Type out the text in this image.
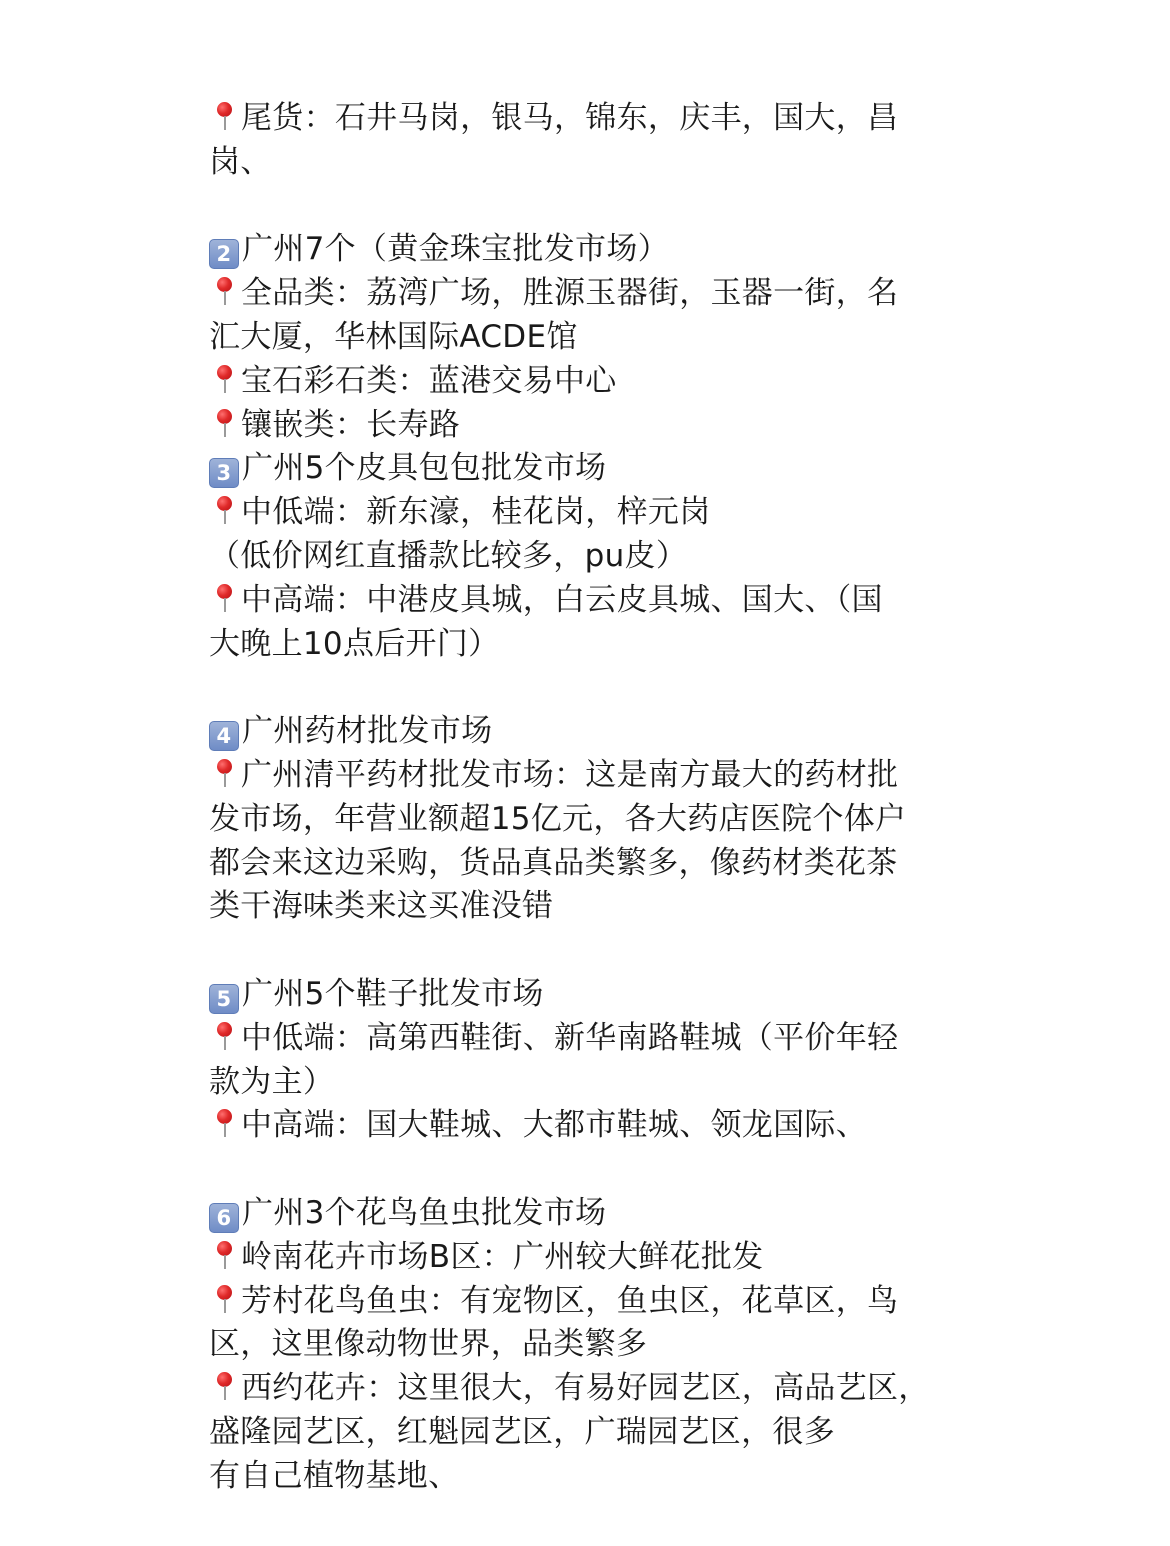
尾货：石井马岗，银马，锦东，庆丰，国大，昌
岗、
2 广州7个（黄金珠宝批发市场）
全品类：荔湾广场，胜源玉器街，玉器一街，名
汇大厦，华林国际ACDE馆
宝石彩石类：蓝港交易中心
镶嵌类：长寿路
3 广州5个皮具包包批发市场
中低端：新东濠，桂花岗，梓元岗
（低价网红直播款比较多，pu皮）
中高端：中港皮具城，白云皮具城、国大、（国
大晚上10点后开门）
4 广州药材批发市场
广州清平药材批发市场：这是南方最大的药材批
发市场，年营业额超15亿元，各大药店医院个体户
都会来这边采购，货品真品类繁多，像药材类花茶
类干海味类来这买准没错
5 广州5个鞋子批发市场
中低端：高第西鞋街、新华南路鞋城（平价年轻
款为主）
中高端：国大鞋城、大都市鞋城、领龙国际、
6 广州3个花鸟鱼虫批发市场
岭南花卉市场B区：广州较大鲜花批发
芳村花鸟鱼虫：有宠物区，鱼虫区，花草区，鸟
区，这里像动物世界，品类繁多
西约花卉：这里很大，有易好园艺区，高品艺区，
盛隆园艺区，红魁园艺区，广瑞园艺区，很多
有自己植物基地、
